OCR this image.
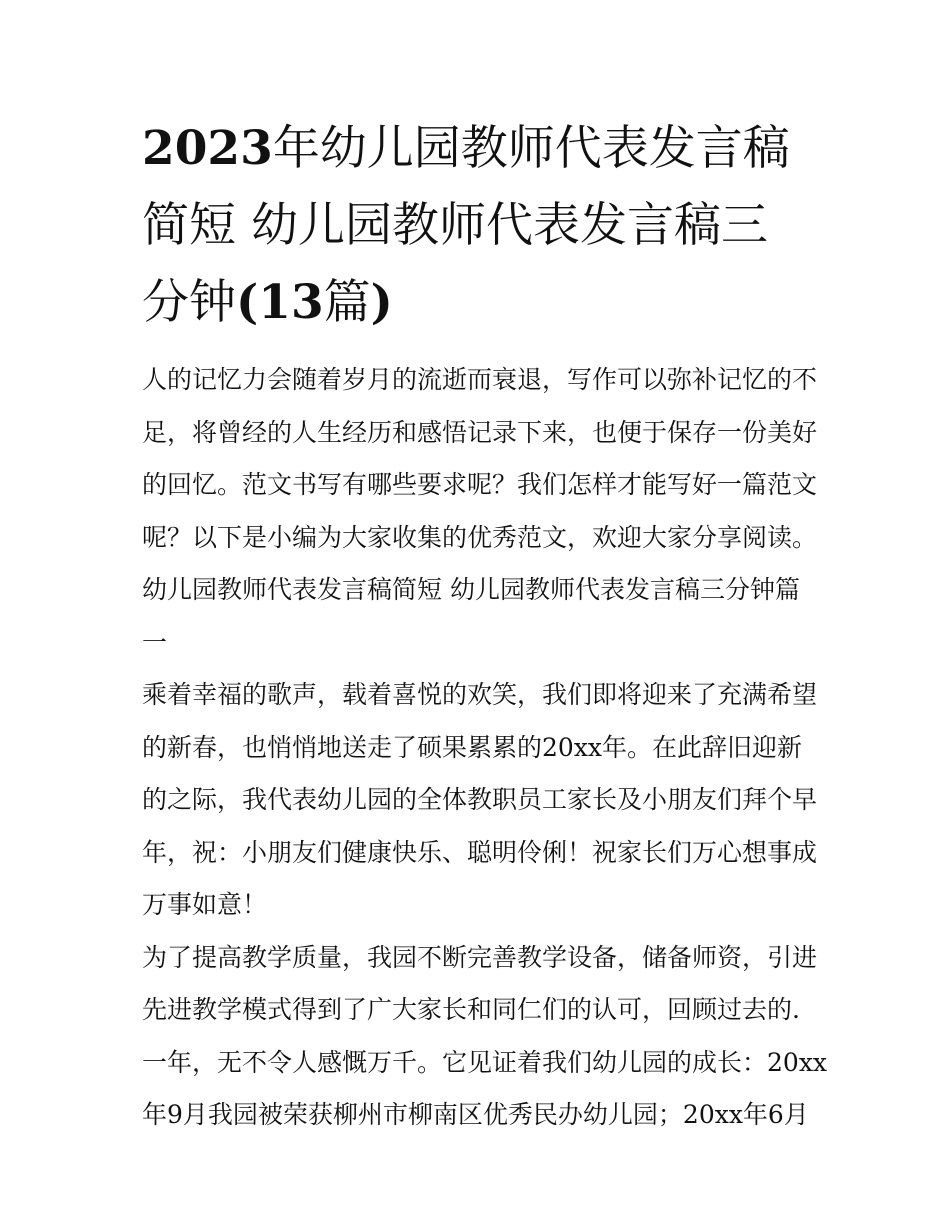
2023年幼儿园教师代表发言稿
简短 幼儿园教师代表发言稿三
分钟(13篇)
人的记忆力会随着岁月的流逝而衰退，写作可以弥补记忆的不
足，将曾经的人生经历和感悟记录下来，也便于保存一份美好
的回忆。范文书写有哪些要求呢？我们怎样才能写好一篇范文
呢？以下是小编为大家收集的优秀范文，欢迎大家分享阅读。
幼儿园教师代表发言稿简短 幼儿园教师代表发言稿三分钟篇
一
乘着幸福的歌声，载着喜悦的欢笑，我们即将迎来了充满希望
的新春，也悄悄地送走了硕果累累的20xx年。在此辞旧迎新
的之际，我代表幼儿园的全体教职员工家长及小朋友们拜个早
年，祝：小朋友们健康快乐、聪明伶俐！祝家长们万心想事成
万事如意！
为了提高教学质量，我园不断完善教学设备，储备师资，引进
先进教学模式得到了广大家长和同仁们的认可，回顾过去的.
一年，无不令人感慨万千。它见证着我们幼儿园的成长：20xx
年9月我园被荣获柳州市柳南区优秀民办幼儿园；20xx年6月
